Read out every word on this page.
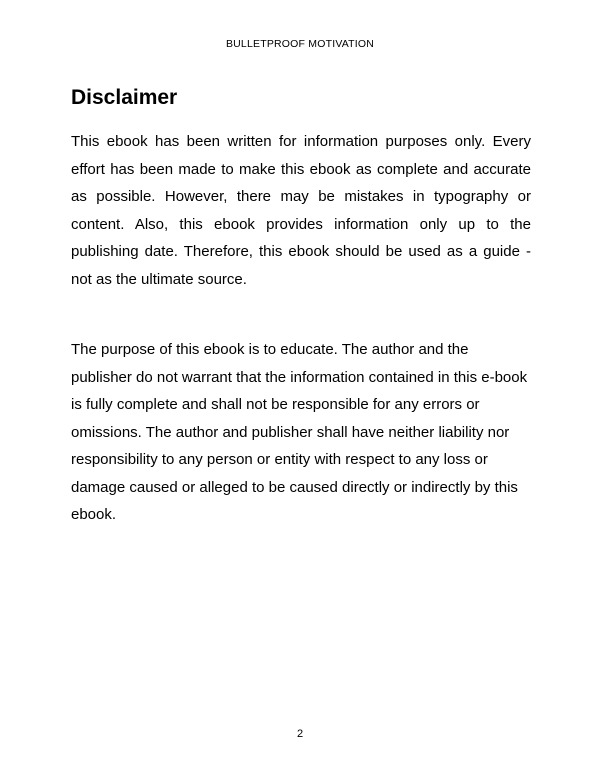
BULLETPROOF MOTIVATION
Disclaimer

This ebook has been written for information purposes only. Every effort has been made to make this ebook as complete and accurate as possible. However, there may be mistakes in typography or content. Also, this ebook provides information only up to the publishing date. Therefore, this ebook should be used as a guide - not as the ultimate source.

The purpose of this ebook is to educate. The author and the publisher do not warrant that the information contained in this e-book is fully complete and shall not be responsible for any errors or omissions. The author and publisher shall have neither liability nor responsibility to any person or entity with respect to any loss or damage caused or alleged to be caused directly or indirectly by this ebook.

2
